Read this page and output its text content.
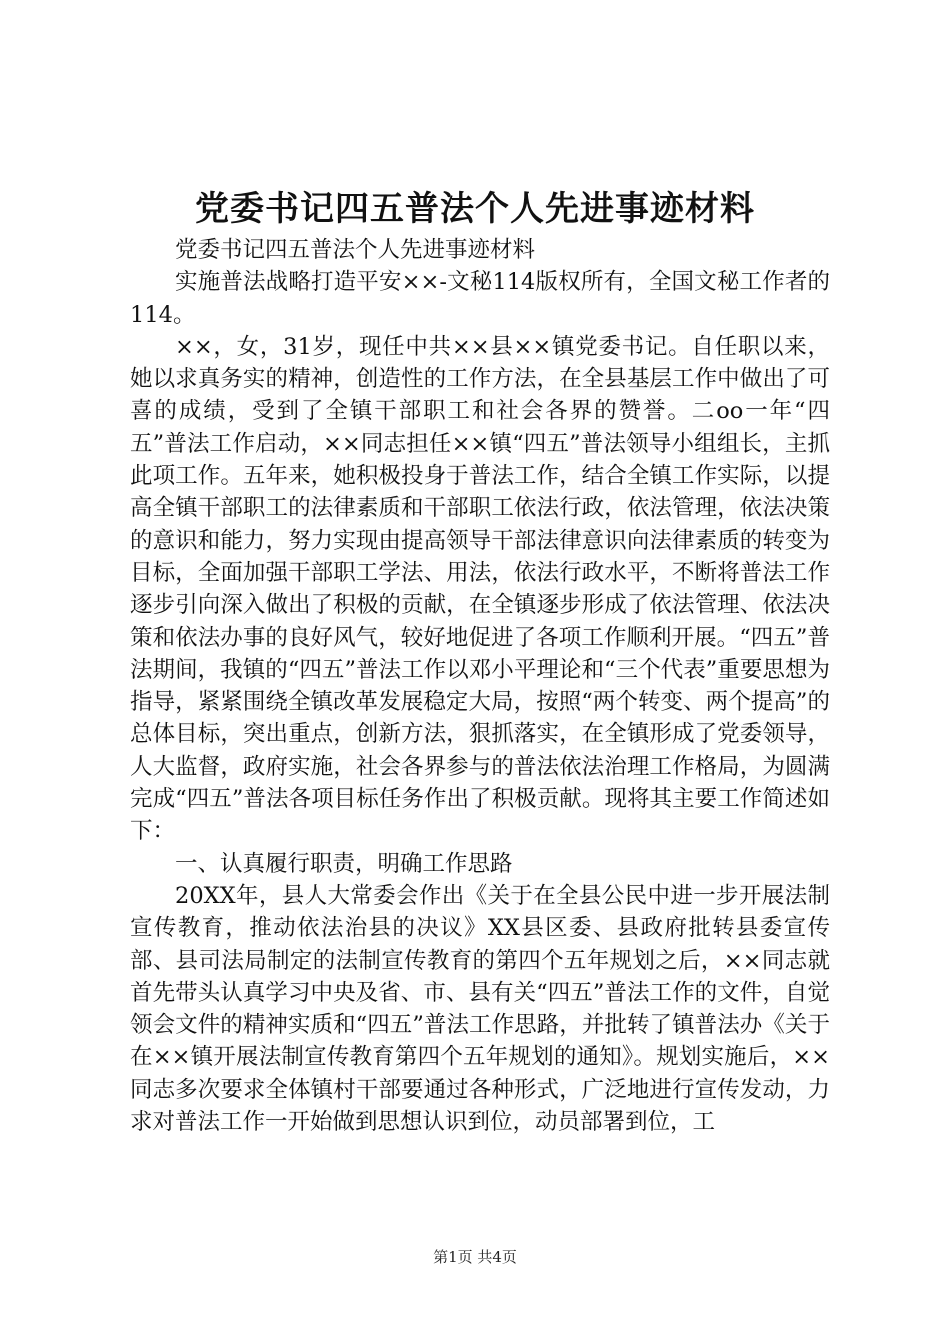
党委书记四五普法个人先进事迹材料

党委书记四五普法个人先进事迹材料

实施普法战略打造平安××-文秘114版权所有，全国文秘工作者的114。

××，女，31岁，现任中共××县××镇党委书记。自任职以来，她以求真务实的精神，创造性的工作方法，在全县基层工作中做出了可喜的成绩，受到了全镇干部职工和社会各界的赞誉。二oo一年“四五”普法工作启动，××同志担任××镇“四五”普法领导小组组长，主抓此项工作。五年来，她积极投身于普法工作，结合全镇工作实际，以提高全镇干部职工的法律素质和干部职工依法行政，依法管理，依法决策的意识和能力，努力实现由提高领导干部法律意识向法律素质的转变为目标，全面加强干部职工学法、用法，依法行政水平，不断将普法工作逐步引向深入做出了积极的贡献，在全镇逐步形成了依法管理、依法决策和依法办事的良好风气，较好地促进了各项工作顺利开展。“四五”普法期间，我镇的“四五”普法工作以邓小平理论和“三个代表”重要思想为指导，紧紧围绕全镇改革发展稳定大局，按照“两个转变、两个提高”的总体目标，突出重点，创新方法，狠抓落实，在全镇形成了党委领导，人大监督，政府实施，社会各界参与的普法依法治理工作格局，为圆满完成“四五”普法各项目标任务作出了积极贡献。现将其主要工作简述如下：

一、认真履行职责，明确工作思路

20XX年，县人大常委会作出《关于在全县公民中进一步开展法制宣传教育，推动依法治县的决议》XX县区委、县政府批转县委宣传部、县司法局制定的法制宣传教育的第四个五年规划之后，××同志就首先带头认真学习中央及省、市、县有关“四五”普法工作的文件，自觉领会文件的精神实质和“四五”普法工作思路，并批转了镇普法办《关于在××镇开展法制宣传教育第四个五年规划的通知》。规划实施后，××同志多次要求全体镇村干部要通过各种形式，广泛地进行宣传发动，力求对普法工作一开始做到思想认识到位，动员部署到位，工

第1页 共4页
